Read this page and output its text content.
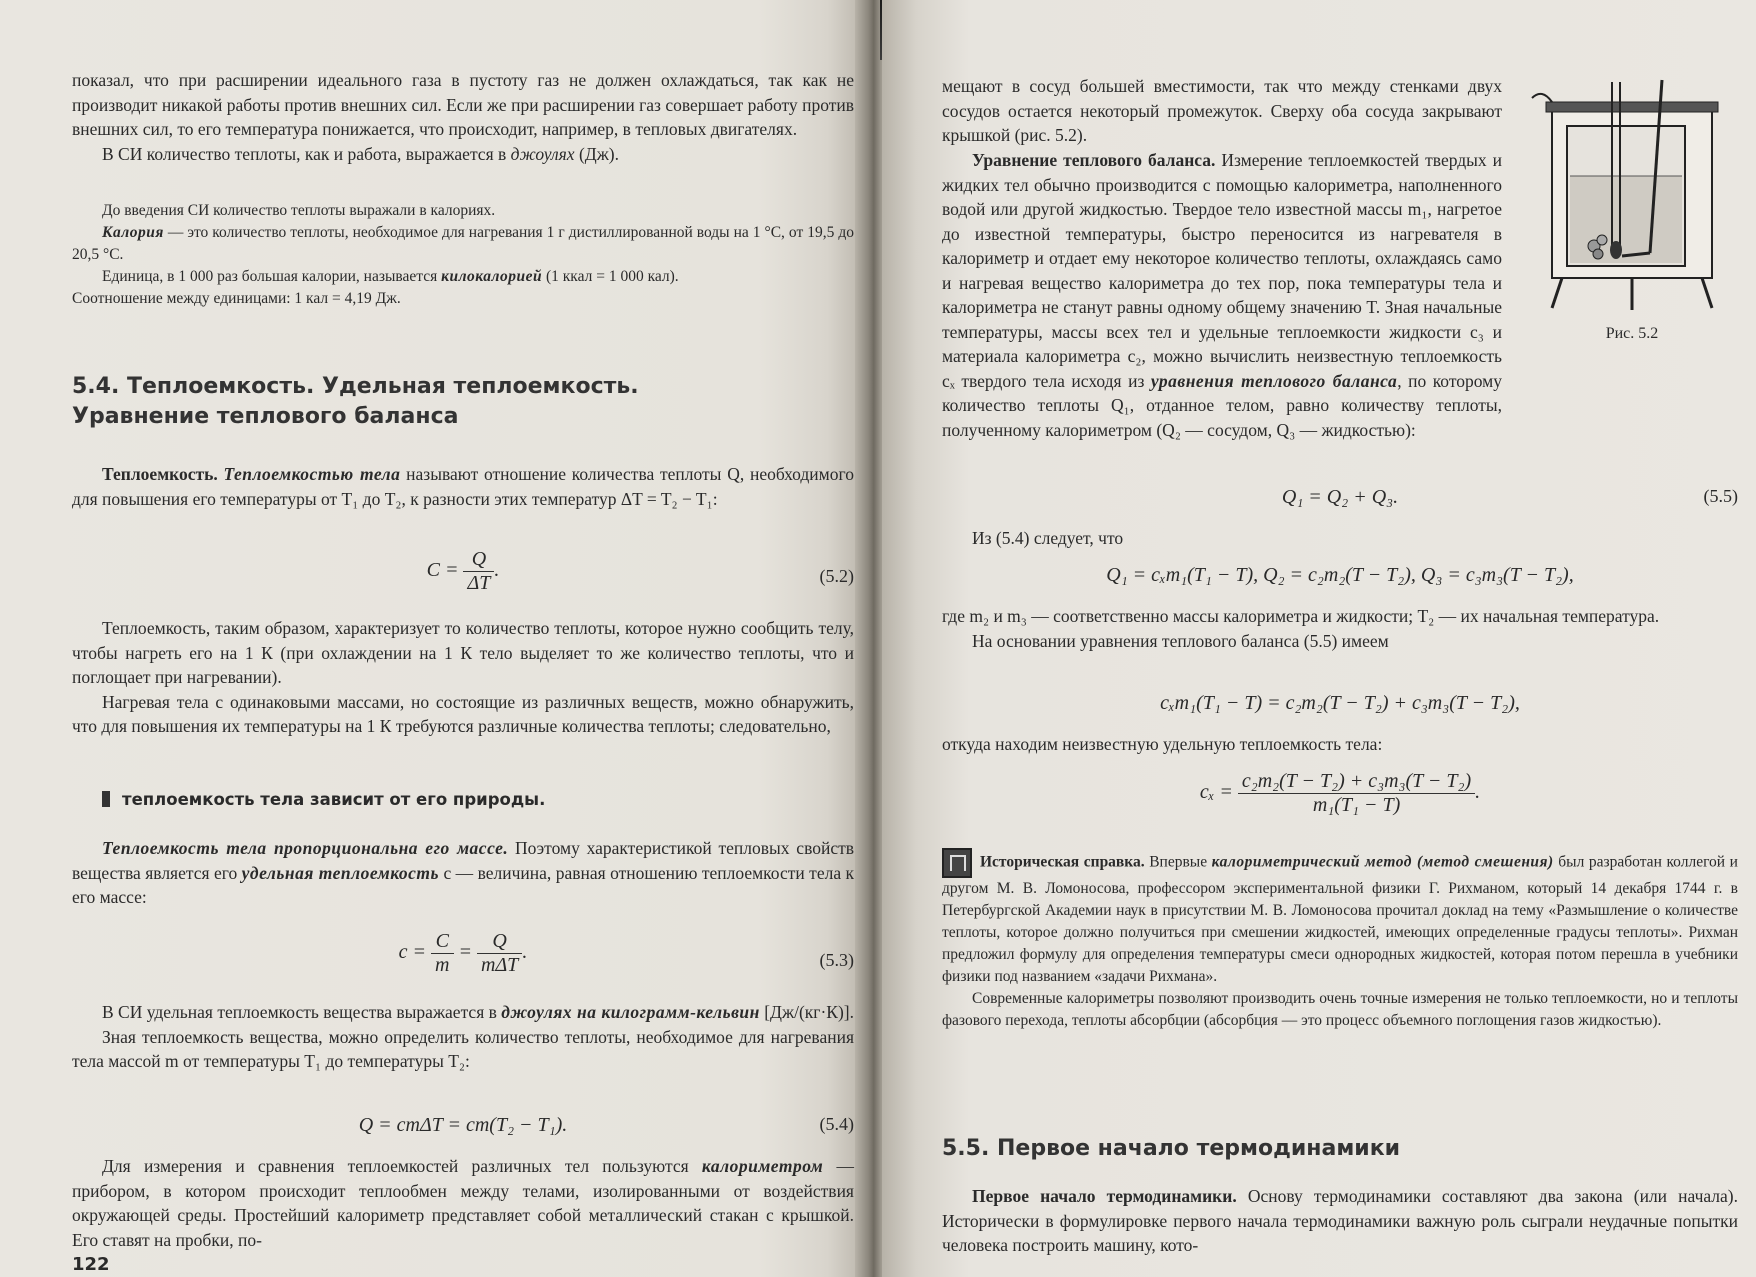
показал, что при расширении идеального газа в пустоту газ не должен охлаждаться, так как не производит никакой работы против внешних сил. Если же при расширении газ совершает работу против внешних сил, то его температура понижается, что происходит, например, в тепловых двигателях.

В СИ количество теплоты, как и работа, выражается в джоулях (Дж).

До введения СИ количество теплоты выражали в калориях.

Калория — это количество теплоты, необходимое для нагревания 1 г дистиллированной воды на 1 °С, от 19,5 до 20,5 °С.

Единица, в 1 000 раз большая калории, называется килокалорией (1 ккал = 1 000 кал).

Соотношение между единицами: 1 кал = 4,19 Дж.

5.4. Теплоемкость. Удельная теплоемкость.

Уравнение теплового баланса

Теплоемкость. Теплоемкостью тела называют отношение количества теплоты Q, необходимого для повышения его температуры от T₁ до T₂, к разности этих температур ΔT = T₂ − T₁:

$C = \frac{Q}{\Delta T}$ .	(5.2)

Теплоемкость, таким образом, характеризует то количество теплоты, которое нужно сообщить телу, чтобы нагреть его на 1 К (при охлаждении на 1 К тело выделяет то же количество теплоты, что и поглощает при нагревании).

Нагревая тела с одинаковыми массами, но состоящие из различных веществ, можно обнаружить, что для повышения их температуры на 1 К требуются различные количества теплоты; следовательно,

теплоемкость тела зависит от его природы.

Теплоемкость тела пропорциональна его массе. Поэтому характеристикой тепловых свойств вещества является его удельная теплоемкость c — величина, равная отношению теплоемкости тела к его массе:

$c = \frac{C}{m} = \frac{Q}{\text{mΔT}}$ .	(5.3)

В СИ удельная теплоемкость вещества выражается в джоулях на килограмм-кельвин [Дж/(кг·К)].

Зная теплоемкость вещества, можно определить количество теплоты, необходимое для нагревания тела массой m от температуры T₁ до температуры T₂:

Q = cmΔT = cm(T₂ − T₁).	(5.4)

Для измерения и сравнения теплоемкостей различных тел пользуются калориметром — прибором, в котором происходит теплообмен между телами, изолированными от воздействия окружающей среды. Простейший калориметр представляет собой металлический стакан с крышкой. Его ставят на пробки, по-

122

мещают в сосуд большей вместимости, так что между стенками двух сосудов остается некоторый промежуток. Сверху оба сосуда закрывают крышкой (рис. 5.2).

Рис. 5.2

Уравнение теплового баланса. Измерение теплоемкостей твердых и жидких тел обычно производится с помощью калориметра, наполненного водой или другой жидкостью. Твердое тело известной массы m₁, нагретое до известной температуры, быстро переносится из нагревателя в калориметр и отдает ему некоторое количество теплоты, охлаждаясь само и нагревая вещество калориметра до тех пор, пока температуры тела и калориметра не станут равны одному общему значению T. Зная начальные температуры, массы всех тел и удельные теплоемкости жидкости c₃ и материала калориметра c₂, можно вычислить неизвестную теплоемкость cₓ твердого тела исходя из уравнения теплового баланса, по которому количество теплоты Q₁, отданное телом, равно количеству теплоты, полученному калориметром (Q₂ — сосудом, Q₃ — жидкостью):

Q₁ = Q₂ + Q₃.	(5.5)

Из (5.4) следует, что

Q₁ = cₓm₁(T₁ − T), Q₂ = c₂m₂(T − T₂), Q₃ = c₃m₃(T − T₂),

где m₂ и m₃ — соответственно массы калориметра и жидкости; T₂ — их начальная температура.

На основании уравнения теплового баланса (5.5) имеем

cₓm₁(T₁ − T) = c₂m₂(T − T₂) + c₃m₃(T − T₂),

откуда находим неизвестную удельную теплоемкость тела:

$c_x = \frac{\text{c₂m₂(T − T₂) + c₃m₃(T − T₂)}}{\text{m₁(T₁ − T)}}$ .

Историческая справка. Впервые калориметрический метод (метод смешения) был разработан коллегой и другом М. В. Ломоносова, профессором экспериментальной физики Г. Рихманом, который 14 декабря 1744 г. в Петербургской Академии наук в присутствии М. В. Ломоносова прочитал доклад на тему «Размышление о количестве теплоты, которое должно получиться при смешении жидкостей, имеющих определенные градусы теплоты». Рихман предложил формулу для определения температуры смеси однородных жидкостей, которая потом перешла в учебники физики под названием «задачи Рихмана».

Современные калориметры позволяют производить очень точные измерения не только теплоемкости, но и теплоты фазового перехода, теплоты абсорбции (абсорбция — это процесс объемного поглощения газов жидкостью).

5.5. Первое начало термодинамики

Первое начало термодинамики. Основу термодинамики составляют два закона (или начала). Исторически в формулировке первого начала термодинамики важную роль сыграли неудачные попытки человека построить машину, кото-
